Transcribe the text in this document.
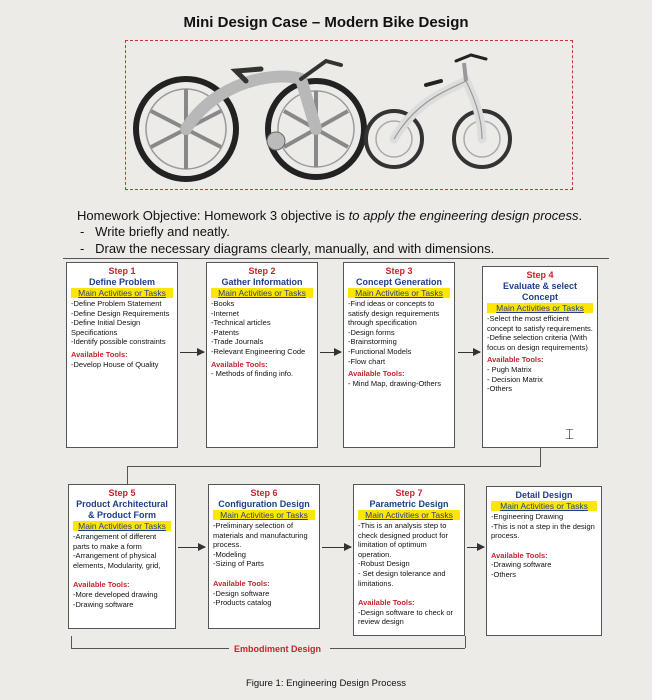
Mini Design Case – Modern Bike Design
Homework Objective: Homework 3 objective is to apply the engineering design process.
-   Write briefly and neatly.
-   Draw the necessary diagrams clearly, manually, and with dimensions.
Step 1
Define Problem
Main Activities or Tasks
-Define Problem Statement
-Define Design Requirements
-Define Initial Design Specifications
-Identify possible constraints
Available Tools:
-Develop House of Quality
Step 2
Gather Information
Main Activities or Tasks
-Books
-Internet
-Technical articles
-Patents
-Trade Journals
-Relevant Engineering Code
Available Tools:
- Methods of finding info.
Step 3
Concept Generation
Main Activities or Tasks
-Find ideas or concepts to satisfy design requirements through specification
-Design forms
-Brainstorming
-Functional Models
-Flow chart
Available Tools:
- Mind Map, drawing-Others
Step 4
Evaluate & select Concept
Main Activities or Tasks
-Select the most efficient concept to satisfy requirements.
-Define selection criteria (With focus on design requirements)
Available Tools:
- Pugh Matrix
- Decision Matrix
-Others
Step 5
Product Architectural & Product Form
Main Activities or Tasks
-Arrangement of different parts to make a form
-Arrangement of physical elements, Modularity, grid,
Available Tools:
-More developed drawing
-Drawing software
Step 6
Configuration Design
Main Activities or Tasks
-Preliminary selection of materials and manufacturing process.
-Modeling
-Sizing of Parts
Available Tools:
-Design software
-Products catalog
Step 7
Parametric Design
Main Activities or Tasks
-This is an analysis step to check designed product for limitation of optimum operation.
-Robust Design
- Set design tolerance and limitations.
Available Tools:
-Design software to check or review design
Detail Design
Main Activities or Tasks
-Engineering Drawing
-This is not a step in the design process.
Available Tools:
-Drawing software
-Others
Embodiment Design
Figure 1: Engineering Design Process
⌶
